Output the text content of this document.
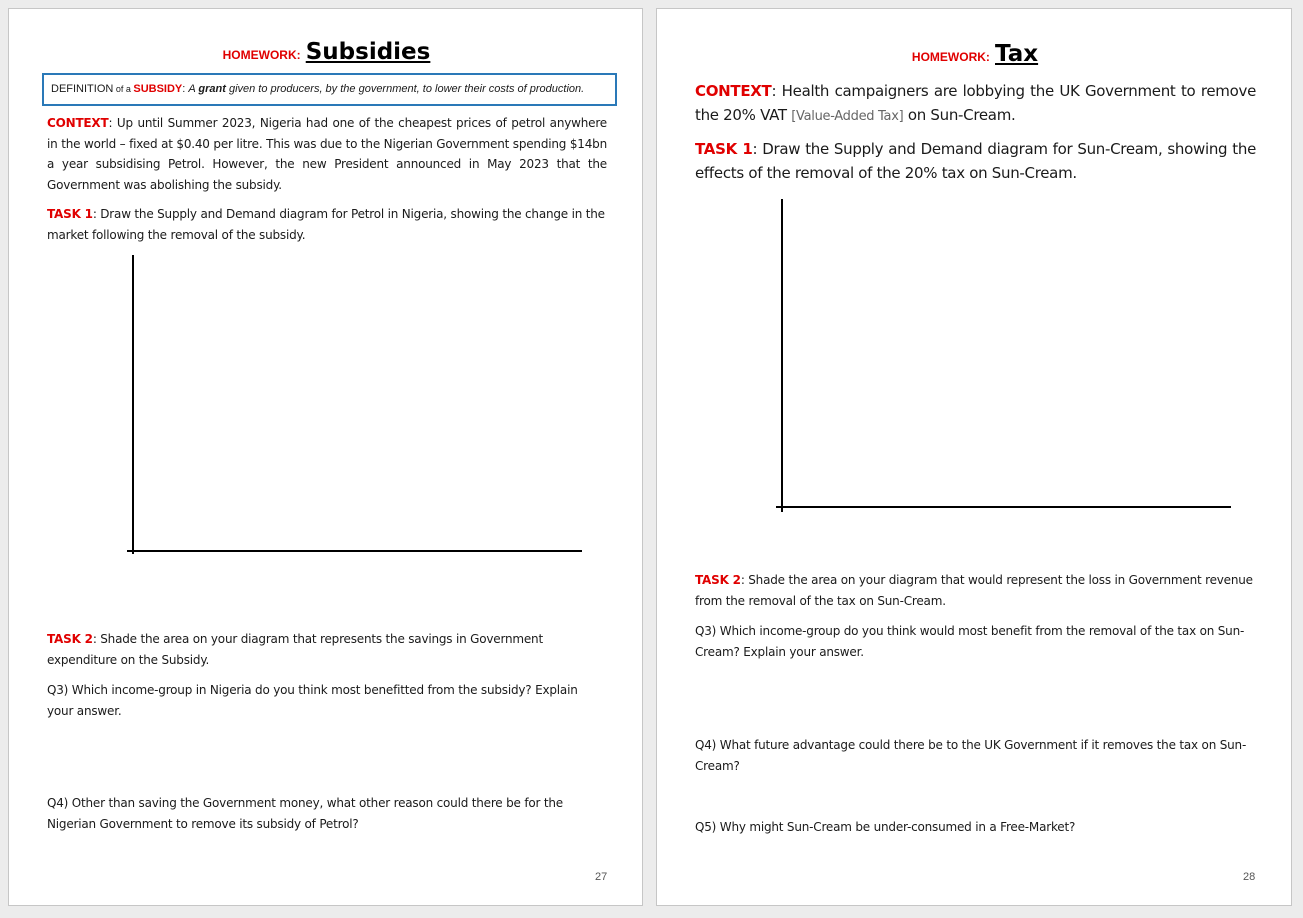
HOMEWORK: Subsidies
DEFINITION of a SUBSIDY: A grant given to producers, by the government, to lower their costs of production.
CONTEXT: Up until Summer 2023, Nigeria had one of the cheapest prices of petrol anywhere in the world – fixed at $0.40 per litre. This was due to the Nigerian Government spending $14bn a year subsidising Petrol. However, the new President announced in May 2023 that the Government was abolishing the subsidy.
TASK 1: Draw the Supply and Demand diagram for Petrol in Nigeria, showing the change in the market following the removal of the subsidy.
TASK 2: Shade the area on your diagram that represents the savings in Government expenditure on the Subsidy.
Q3) Which income-group in Nigeria do you think most benefitted from the subsidy? Explain your answer.
Q4) Other than saving the Government money, what other reason could there be for the Nigerian Government to remove its subsidy of Petrol?
27
HOMEWORK: Tax
CONTEXT: Health campaigners are lobbying the UK Government to remove the 20% VAT [Value-Added Tax] on Sun-Cream.
TASK 1: Draw the Supply and Demand diagram for Sun-Cream, showing the effects of the removal of the 20% tax on Sun-Cream.
TASK 2: Shade the area on your diagram that would represent the loss in Government revenue from the removal of the tax on Sun-Cream.
Q3) Which income-group do you think would most benefit from the removal of the tax on Sun-Cream? Explain your answer.
Q4) What future advantage could there be to the UK Government if it removes the tax on Sun-Cream?
Q5) Why might Sun-Cream be under-consumed in a Free-Market?
28
